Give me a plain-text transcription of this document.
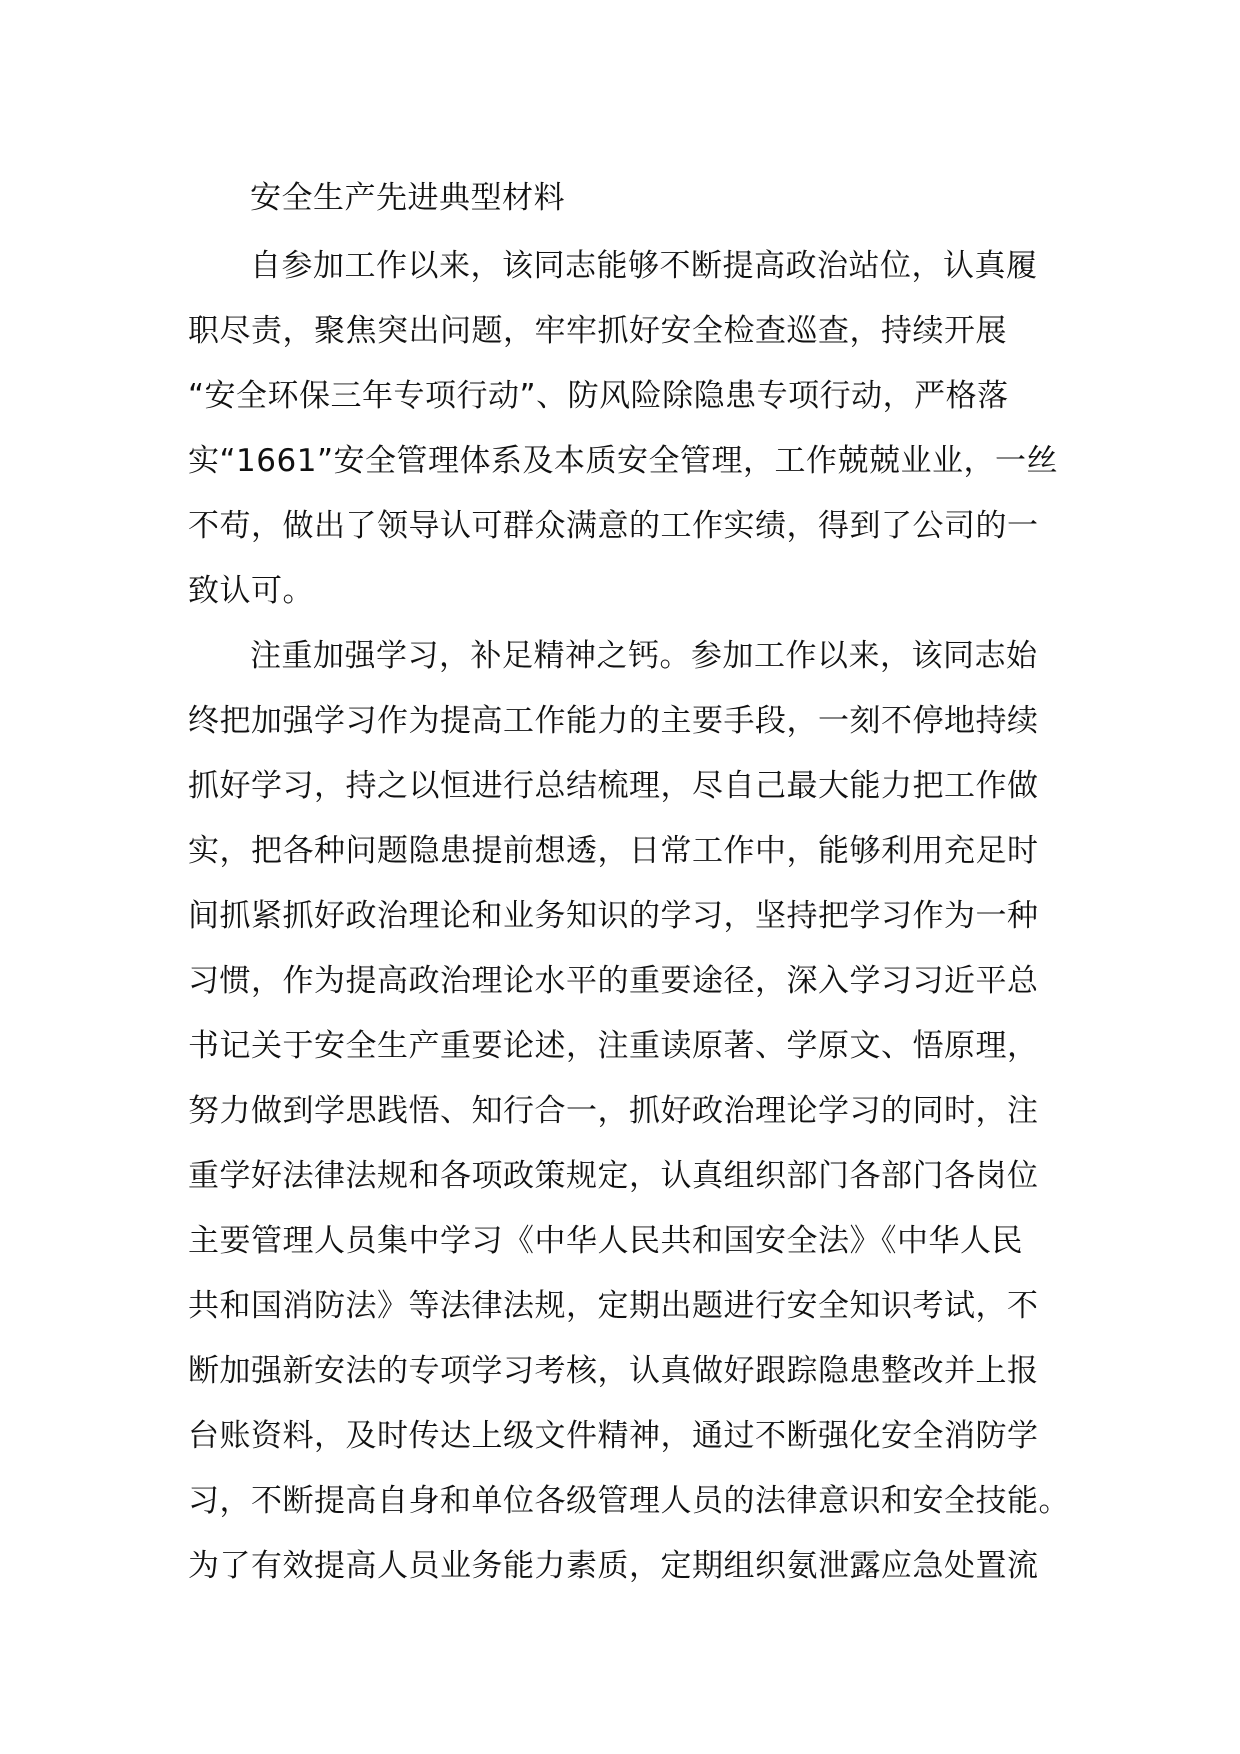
安全生产先进典型材料
自参加工作以来，该同志能够不断提高政治站位，认真履
职尽责，聚焦突出问题，牢牢抓好安全检查巡查，持续开展
“安全环保三年专项行动”、防风险除隐患专项行动，严格落
实“1661”安全管理体系及本质安全管理，工作兢兢业业，一丝
不苟，做出了领导认可群众满意的工作实绩，得到了公司的一
致认可。
注重加强学习，补足精神之钙。参加工作以来，该同志始
终把加强学习作为提高工作能力的主要手段，一刻不停地持续
抓好学习，持之以恒进行总结梳理，尽自己最大能力把工作做
实，把各种问题隐患提前想透，日常工作中，能够利用充足时
间抓紧抓好政治理论和业务知识的学习，坚持把学习作为一种
习惯，作为提高政治理论水平的重要途径，深入学习习近平总
书记关于安全生产重要论述，注重读原著、学原文、悟原理，
努力做到学思践悟、知行合一，抓好政治理论学习的同时，注
重学好法律法规和各项政策规定，认真组织部门各部门各岗位
主要管理人员集中学习《中华人民共和国安全法》《中华人民
共和国消防法》等法律法规，定期出题进行安全知识考试，不
断加强新安法的专项学习考核，认真做好跟踪隐患整改并上报
台账资料，及时传达上级文件精神，通过不断强化安全消防学
习，不断提高自身和单位各级管理人员的法律意识和安全技能。
为了有效提高人员业务能力素质，定期组织氨泄露应急处置流
